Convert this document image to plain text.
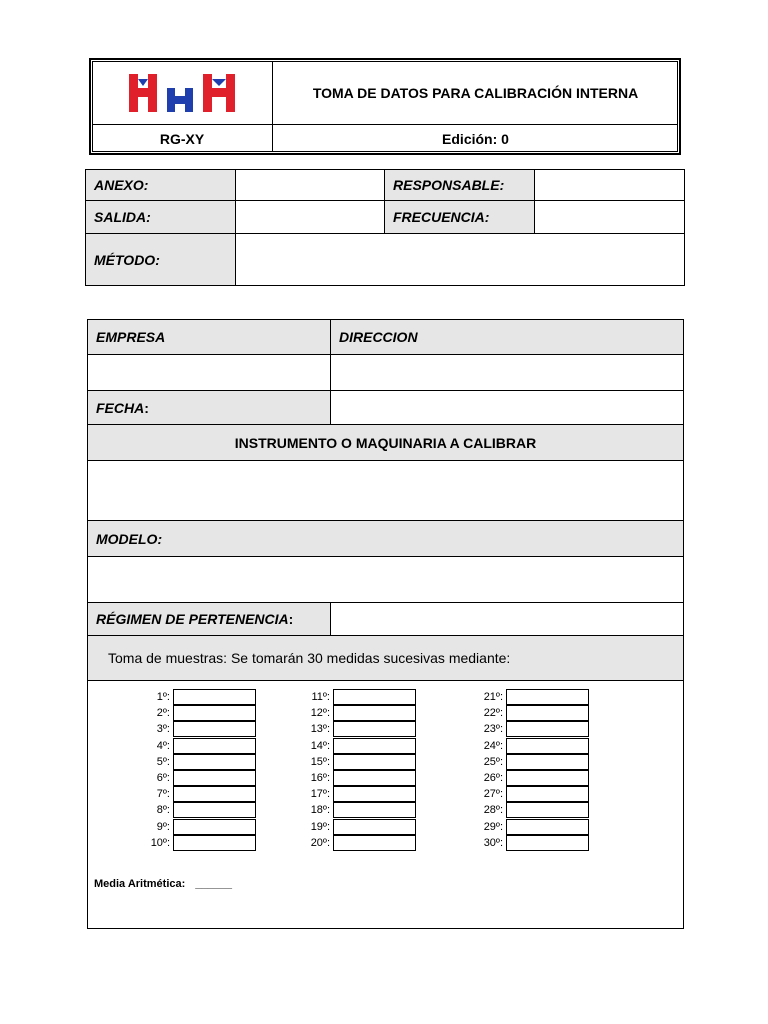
TOMA DE DATOS PARA CALIBRACIÓN INTERNA
RG-XY	Edición: 0
ANEXO:	RESPONSABLE:
SALIDA:	FRECUENCIA:
MÉTODO:
EMPRESA	DIRECCION
FECHA :
INSTRUMENTO O MAQUINARIA A CALIBRAR
MODELO:
RÉGIMEN DE PERTENENCIA :
Toma de muestras: Se tomarán 30 medidas sucesivas mediante:
1º:
2º:
3º:
4º:
5º:
6º:
7º:
8º:
9º:
10º:
11º:
12º:
13º:
14º:
15º:
16º:
17º:
18º:
19º:
20º:
21º:
22º:
23º:
24º:
25º:
26º:
27º:
28º:
29º:
30º:
Media Aritmética: ______
